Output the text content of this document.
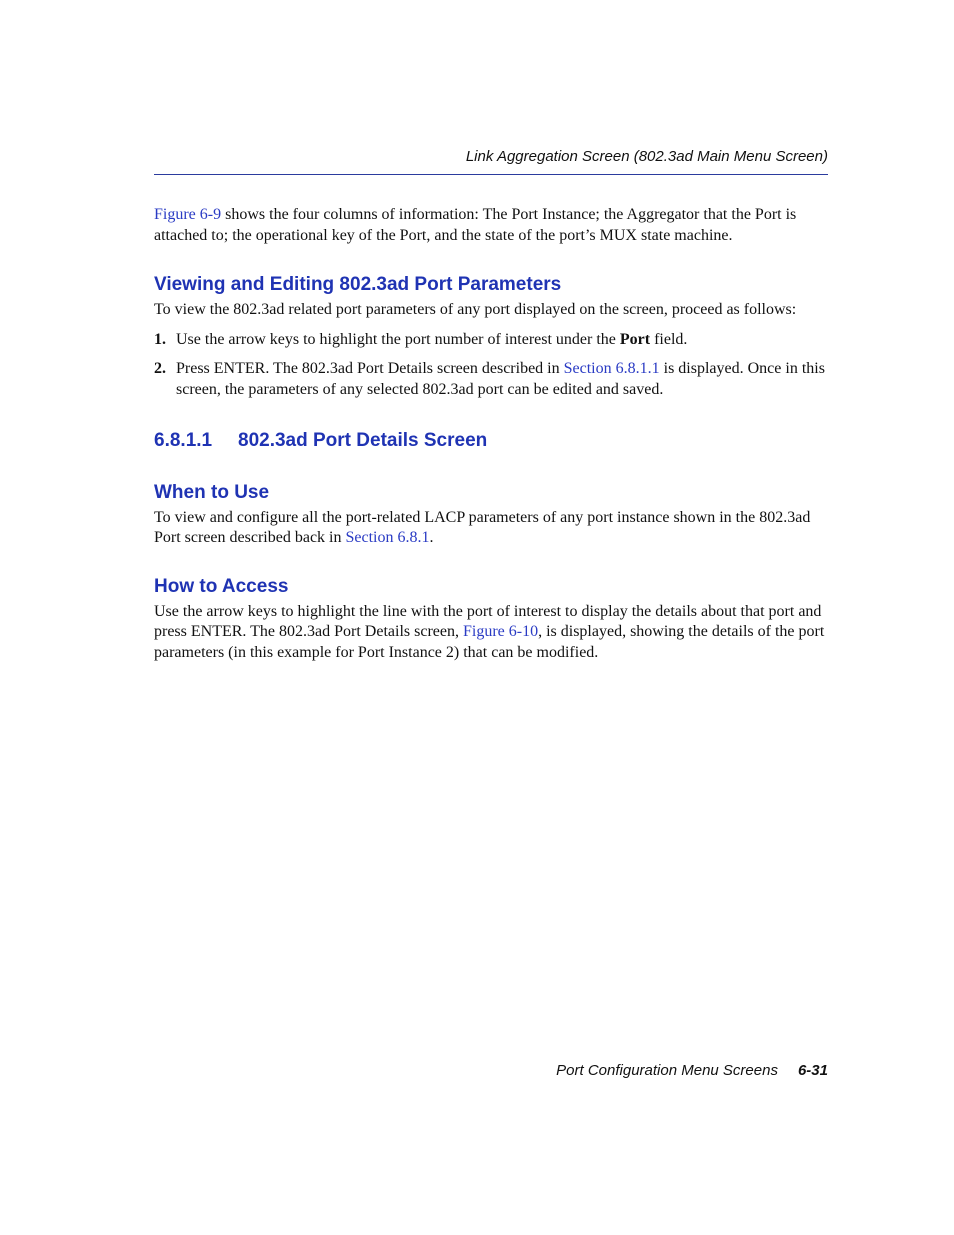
Link Aggregation Screen (802.3ad Main Menu Screen)

Figure 6-9 shows the four columns of information: The Port Instance; the Aggregator that the Port is attached to; the operational key of the Port, and the state of the port’s MUX state machine.

Viewing and Editing 802.3ad Port Parameters

To view the 802.3ad related port parameters of any port displayed on the screen, proceed as follows:

1. Use the arrow keys to highlight the port number of interest under the Port field.
2. Press ENTER. The 802.3ad Port Details screen described in Section 6.8.1.1 is displayed. Once in this screen, the parameters of any selected 802.3ad port can be edited and saved.
6.8.1.1 802.3ad Port Details Screen
When to Use

To view and configure all the port-related LACP parameters of any port instance shown in the 802.3ad Port screen described back in Section 6.8.1.

How to Access

Use the arrow keys to highlight the line with the port of interest to display the details about that port and press ENTER. The 802.3ad Port Details screen, Figure 6-10, is displayed, showing the details of the port parameters (in this example for Port Instance 2) that can be modified.

Port Configuration Menu Screens 6-31
